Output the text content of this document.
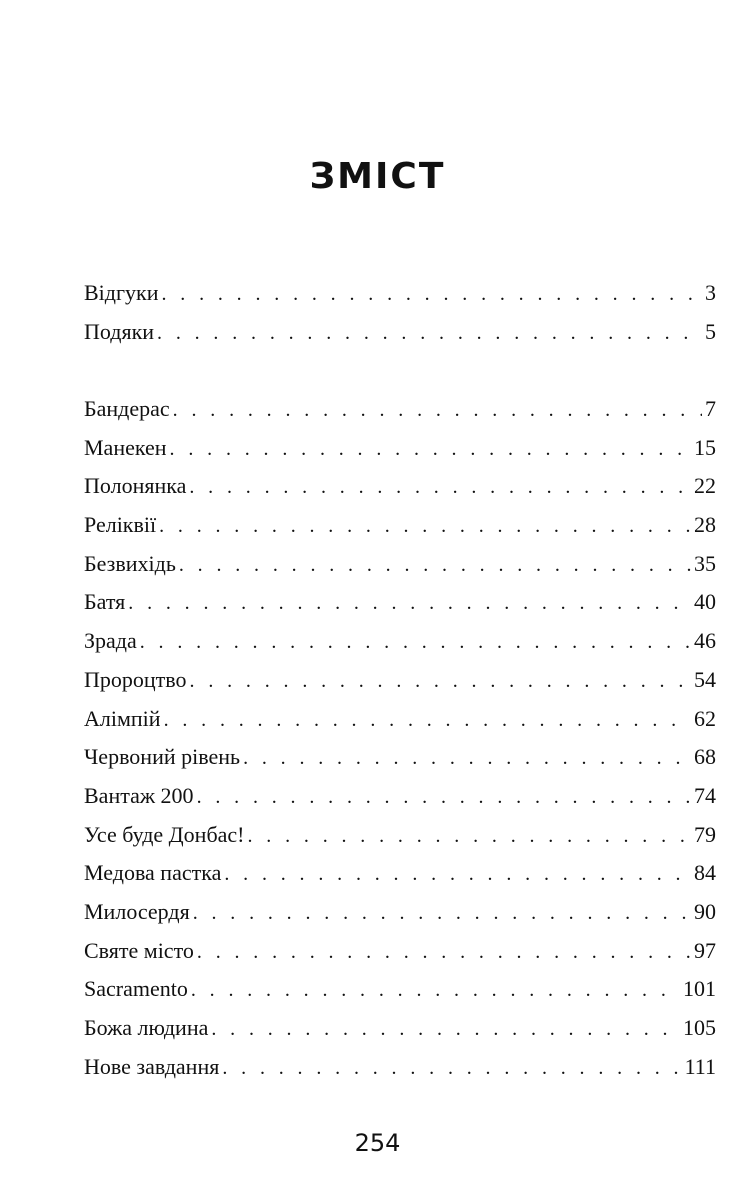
ЗМІСТ
Відгуки . . .	3
Подяки . . .	5
Бандерас . . .	7
Манекен . . .	15
Полонянка . . .	22
Реліквії . . .	28
Безвихідь . . .	35
Батя . . .	40
Зрада . . .	46
Пророцтво . . .	54
Алімпій . . .	62
Червоний рівень . . .	68
Вантаж 200 . . .	74
Усе буде Донбас! . . .	79
Медова пастка . . .	84
Милосердя . . .	90
Святе місто . . .	97
Sacramento . . .	101
Божа людина . . .	105
Нове завдання . . .	111
254
